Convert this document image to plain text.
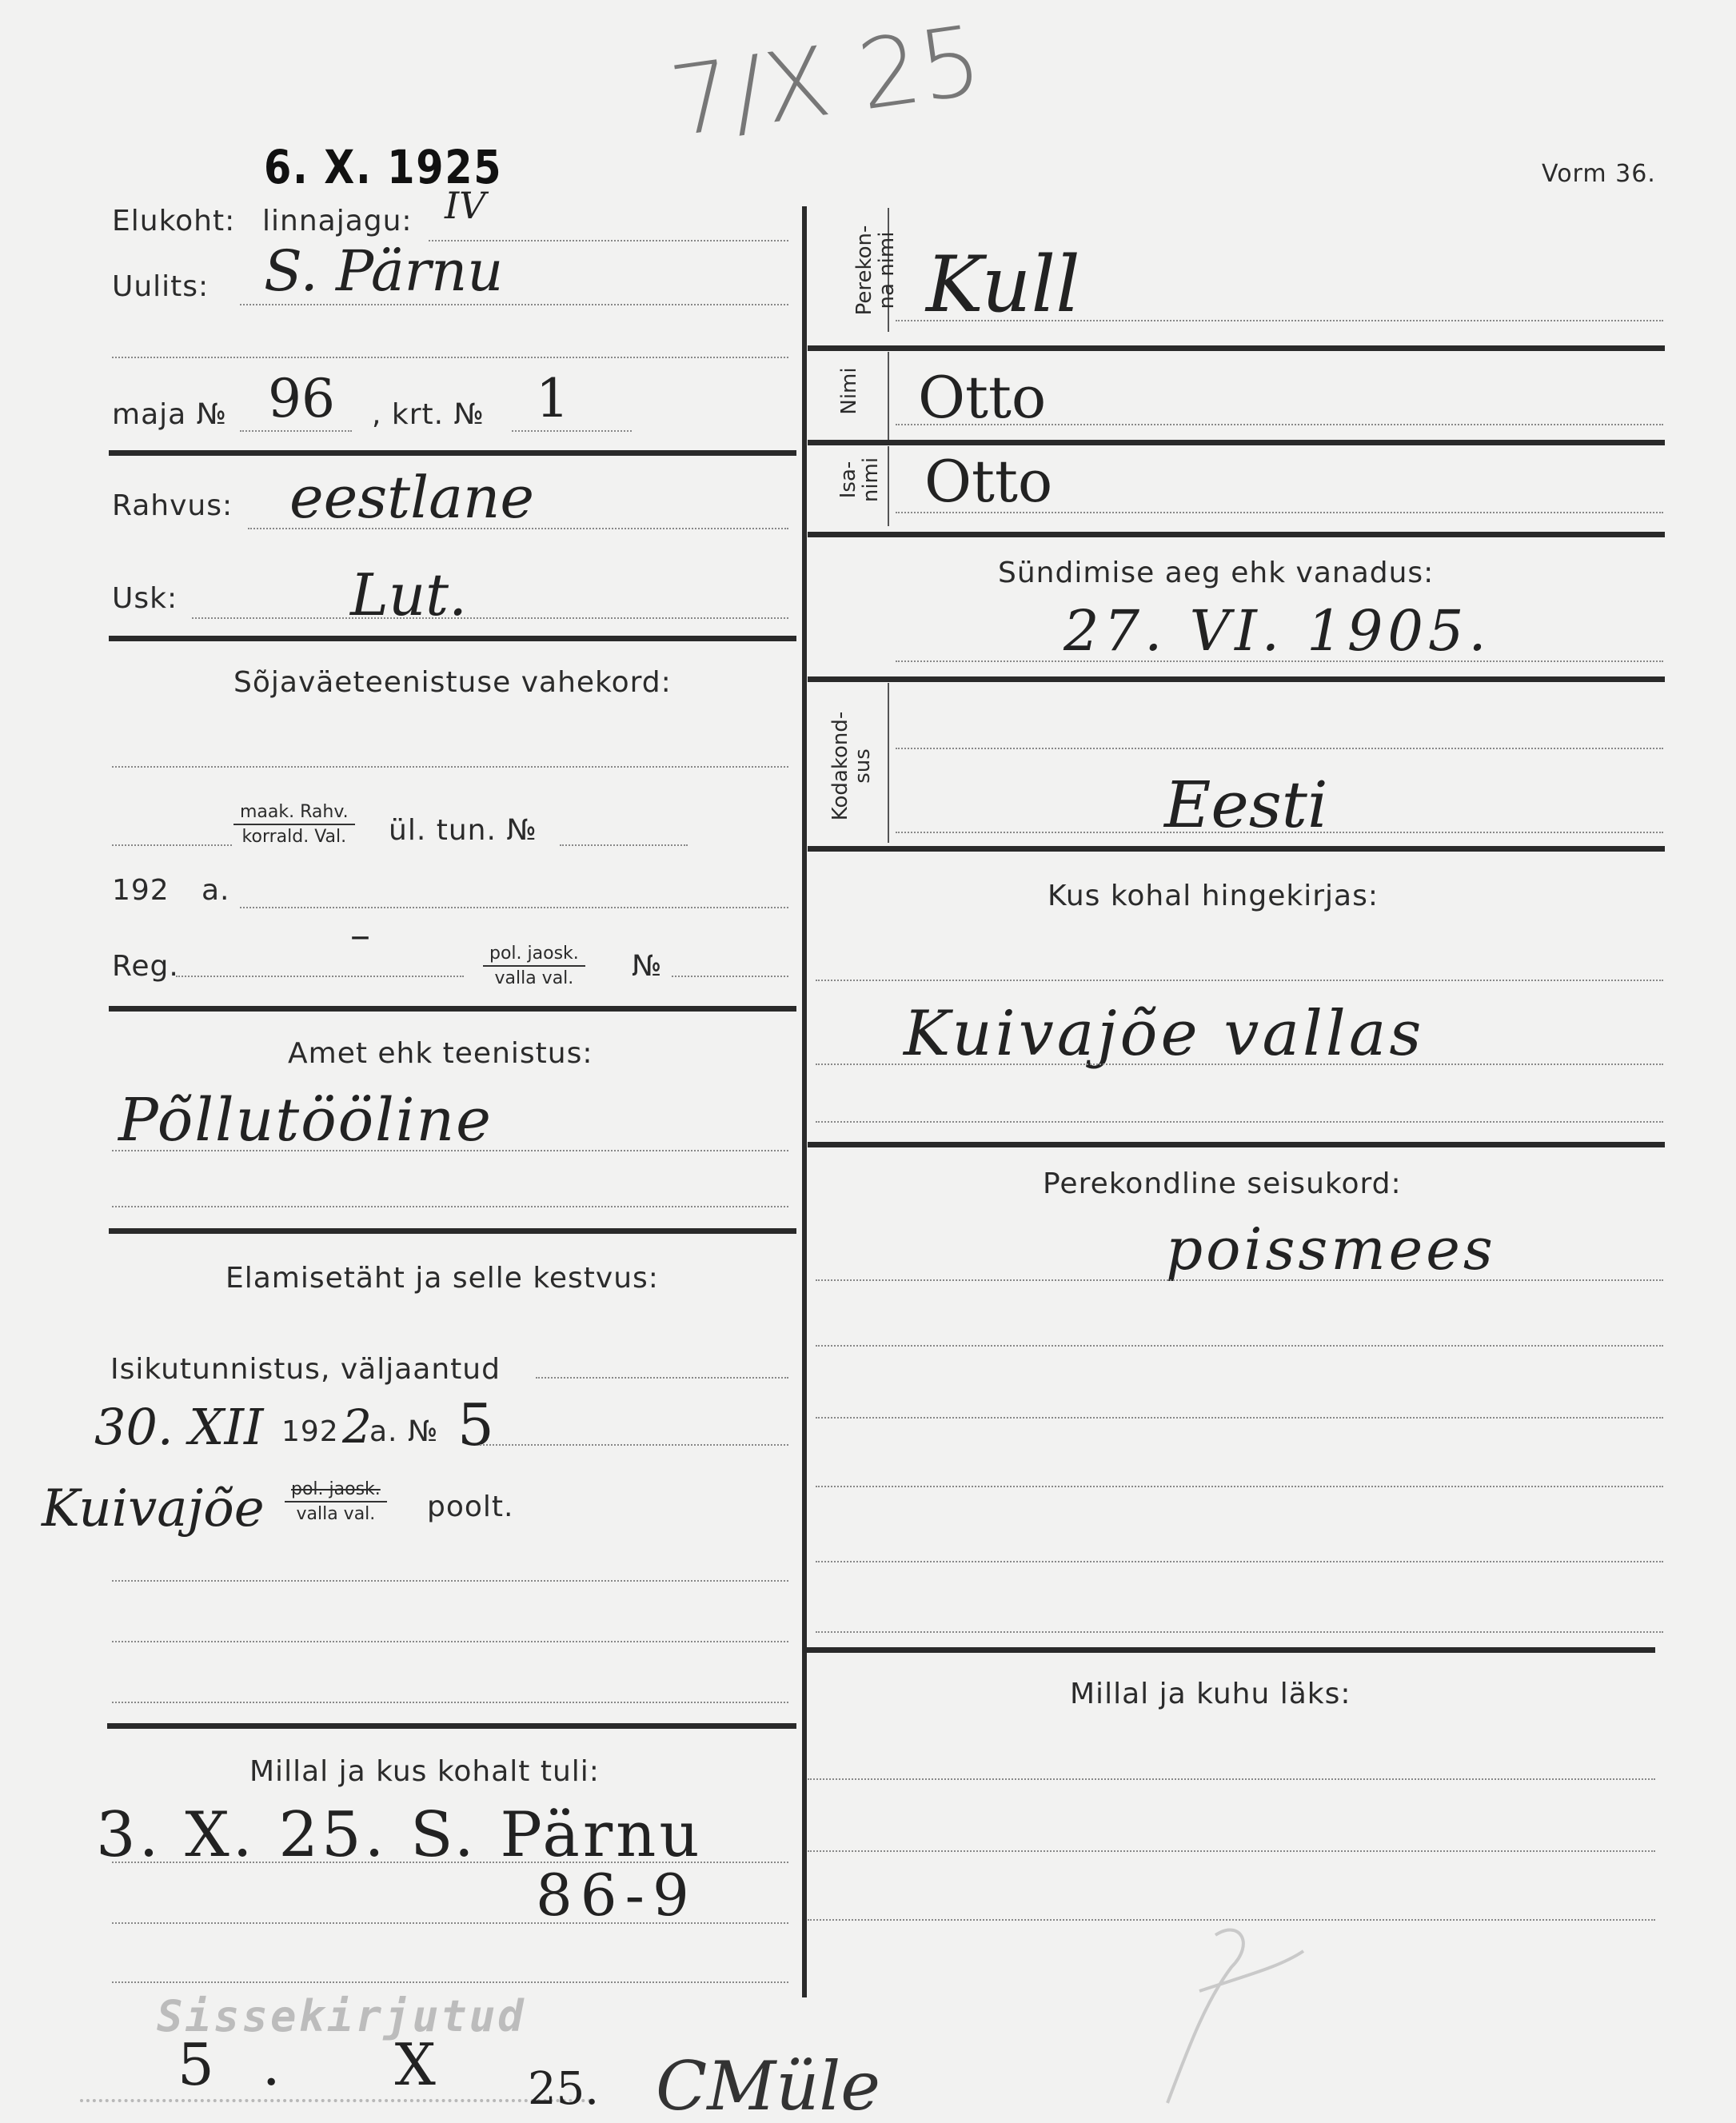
Vorm 36.
6. X. 1925
7/X 25
Elukoht: linnajagu: IV
Uulits: S. Pärnu
maja № 96 , krt. № 1
Rahvus: eestlane
Usk:	Lut.
Sõjaväeteenistuse vahekord:
maak. Rahv.
korrald. Val. ül. tun. №
192 a.
Reg.
–	pol. jaosk.
valla val.	№
Amet ehk teenistus:
Põllutööline
Elamisetäht ja selle kestvus:
Isikutunnistus, väljaantud
30. XII 192 2
a. № 5
Kuivajõe	pol. jaosk.
valla val.	poolt.
Millal ja kus kohalt tuli:
3. X. 25. S. Pärnu
86-9
Sissekirjutud
5. X 25. CMüle
Perekon-
na nimi Kull
Nimi Otto
Isa-
nimi Otto
Sündimise aeg ehk vanadus:
27. VI. 1905.
Kodakond-
sus
Eesti
Kus kohal hingekirjas:
Kuivajõe vallas
Perekondline seisukord:
poissmees
Millal ja kuhu läks:
